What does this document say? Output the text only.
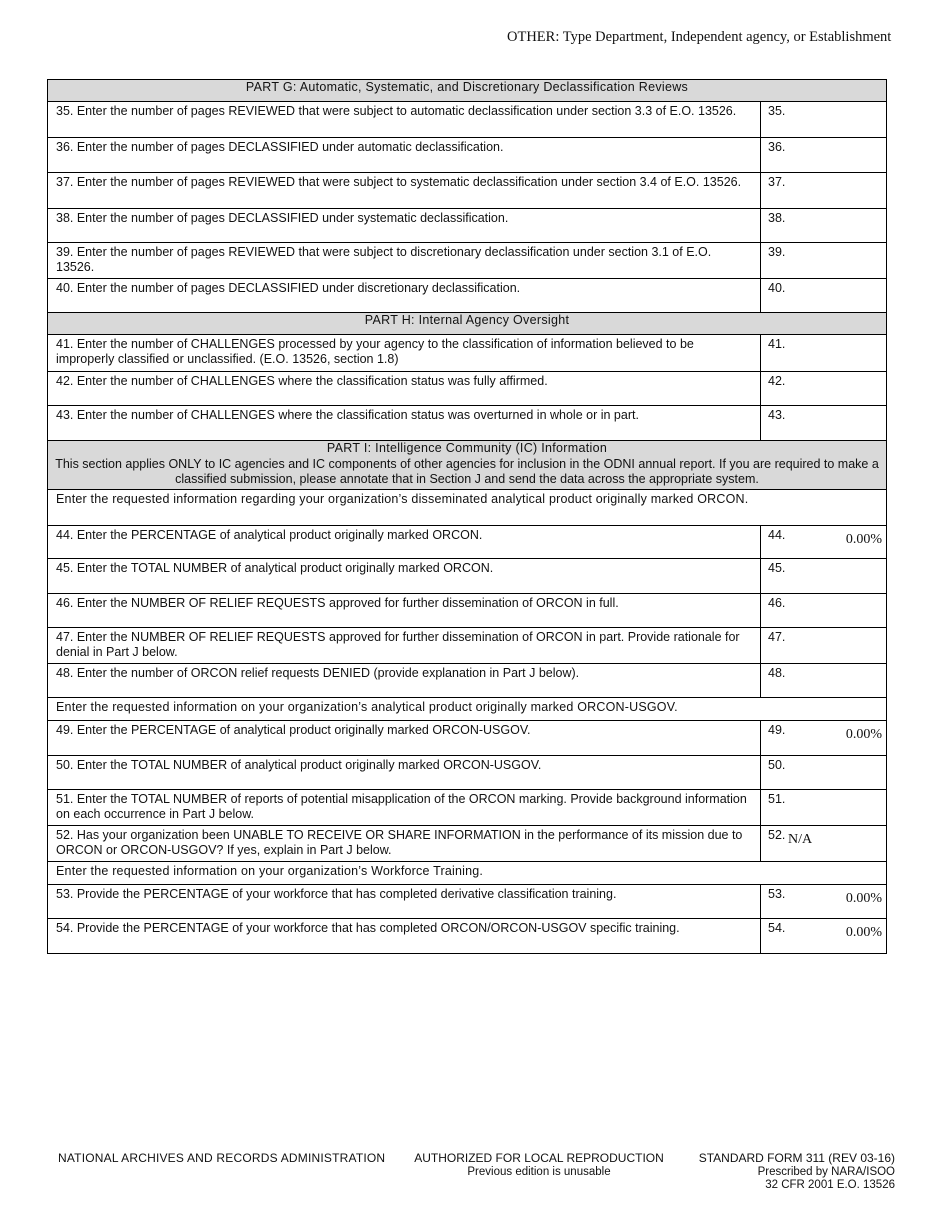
OTHER: Type Department, Independent agency, or Establishment
PART G: Automatic, Systematic, and Discretionary Declassification Reviews	
35. Enter the number of pages REVIEWED that were subject to automatic declassification under section 3.3 of E.O. 13526.	35.

36. Enter the number of pages DECLASSIFIED under automatic declassification.	36.

37. Enter the number of pages REVIEWED that were subject to systematic declassification under section 3.4 of E.O. 13526.	37.

38. Enter the number of pages DECLASSIFIED under systematic declassification.	38.

39. Enter the number of pages REVIEWED that were subject to discretionary declassification under section 3.1 of E.O. 13526.	39.

40. Enter the number of pages DECLASSIFIED under discretionary declassification.	40.

PART H: Internal Agency Oversight	
41. Enter the number of CHALLENGES processed by your agency to the classification of information believed to be improperly classified or unclassified. (E.O. 13526, section 1.8)	41.

42. Enter the number of CHALLENGES where the classification status was fully affirmed.	42.

43. Enter the number of CHALLENGES where the classification status was overturned in whole or in part.	43.

PART I: Intelligence Community (IC) Information
This section applies ONLY to IC agencies and IC components of other agencies for inclusion in the ODNI annual report. If you are required to make a classified submission, please annotate that in Section J and send the data across the appropriate system.	

Enter the requested information regarding your organization’s disseminated analytical product originally marked ORCON.	
44. Enter the PERCENTAGE of analytical product originally marked ORCON.	44. 0.00%

45. Enter the TOTAL NUMBER of analytical product originally marked ORCON.	45.

46. Enter the NUMBER OF RELIEF REQUESTS approved for further dissemination of ORCON in full.	46.

47. Enter the NUMBER OF RELIEF REQUESTS approved for further dissemination of ORCON in part. Provide rationale for denial in Part J below.	47.

48. Enter the number of ORCON relief requests DENIED (provide explanation in Part J below).	48.

Enter the requested information on your organization’s analytical product originally marked ORCON-USGOV.	
49. Enter the PERCENTAGE of analytical product originally marked ORCON-USGOV.	49. 0.00%

50. Enter the TOTAL NUMBER of analytical product originally marked ORCON-USGOV.	50.

51. Enter the TOTAL NUMBER of reports of potential misapplication of the ORCON marking. Provide background information on each occurrence in Part J below.	51.

52. Has your organization been UNABLE TO RECEIVE OR SHARE INFORMATION in the performance of its mission due to ORCON or ORCON-USGOV? If yes, explain in Part J below.	52. N/A

Enter the requested information on your organization’s Workforce Training.	
53. Provide the PERCENTAGE of your workforce that has completed derivative classification training.	53. 0.00%

54. Provide the PERCENTAGE of your workforce that has completed ORCON/ORCON-USGOV specific training.	54. 0.00%
NATIONAL ARCHIVES AND RECORDS ADMINISTRATION AUTHORIZED FOR LOCAL REPRODUCTION
Previous edition is unusable
STANDARD FORM 311 (REV 03-16)
Prescribed by NARA/ISOO
32 CFR 2001 E.O. 13526
